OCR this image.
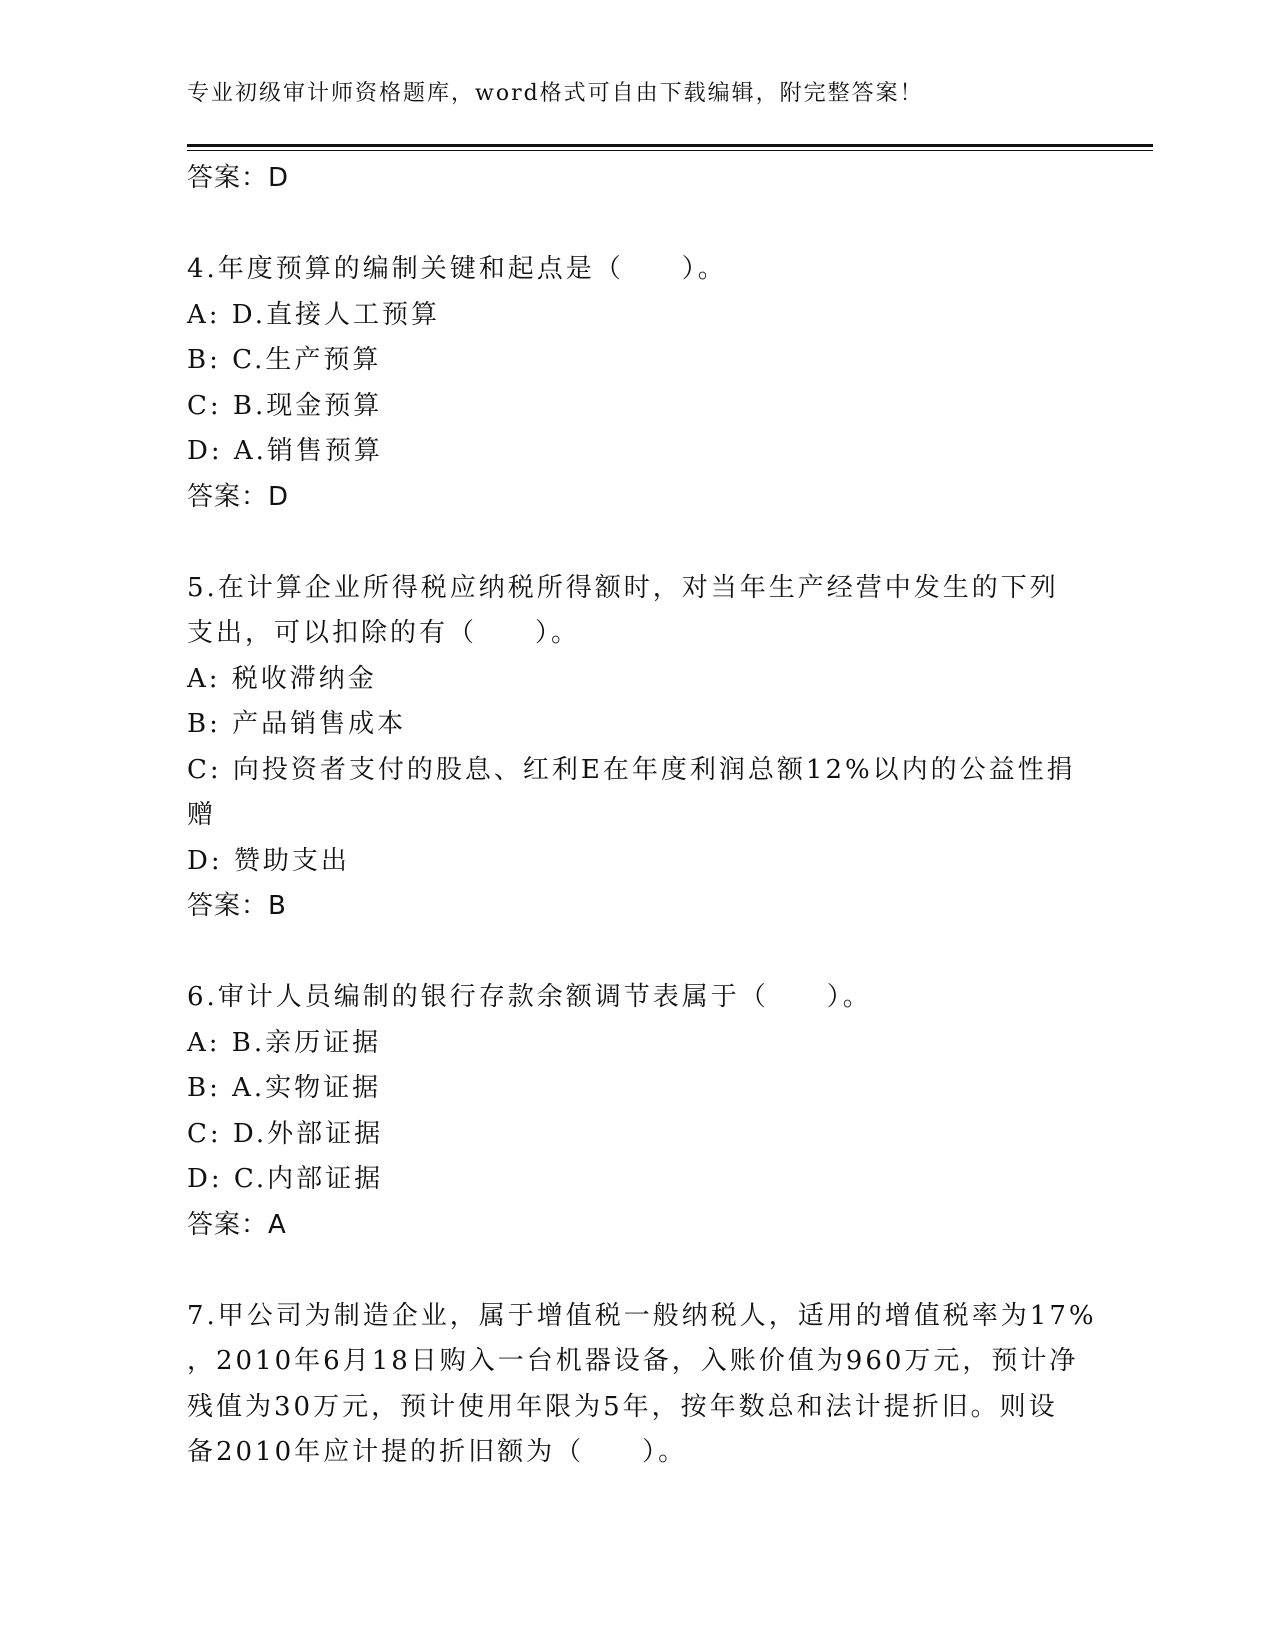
专业初级审计师资格题库，word格式可自由下载编辑，附完整答案！
答案：D
4.年度预算的编制关键和起点是（　　）。
A: D.直接人工预算
B: C.生产预算
C: B.现金预算
D: A.销售预算
答案：D
5.在计算企业所得税应纳税所得额时，对当年生产经营中发生的下列
支出，可以扣除的有（　　）。
A: 税收滞纳金
B: 产品销售成本
C: 向投资者支付的股息、红利E在年度利润总额12%以内的公益性捐
赠
D: 赞助支出
答案：B
6.审计人员编制的银行存款余额调节表属于（　　）。
A: B.亲历证据
B: A.实物证据
C: D.外部证据
D: C.内部证据
答案：A
7.甲公司为制造企业，属于增值税一般纳税人，适用的增值税率为17%
，2010年6月18日购入一台机器设备，入账价值为960万元，预计净
残值为30万元，预计使用年限为5年，按年数总和法计提折旧。则设
备2010年应计提的折旧额为（　　）。
